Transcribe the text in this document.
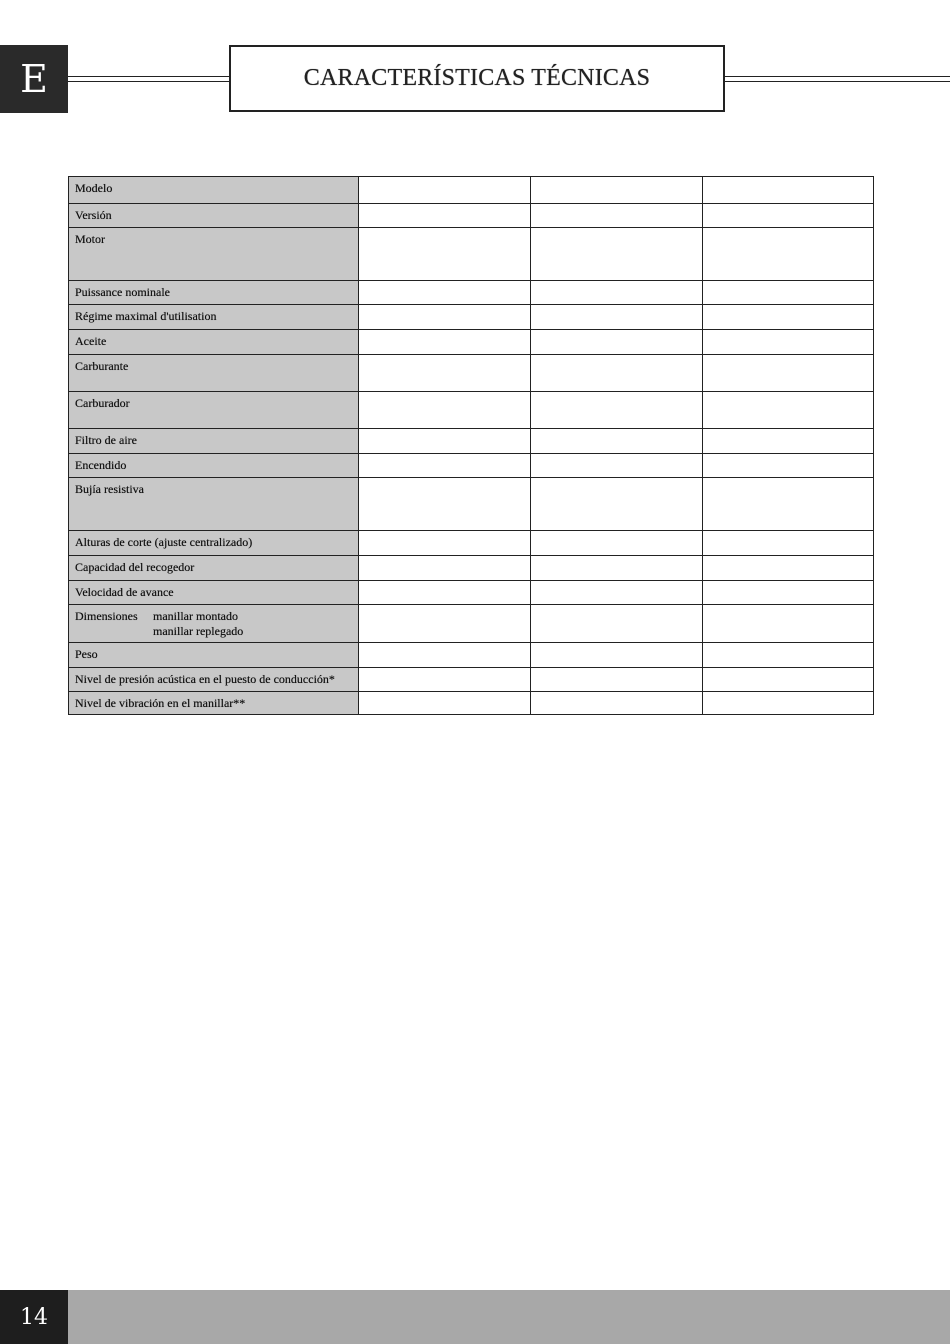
E	CARACTERÍSTICAS TÉCNICAS
Modelo			
Versión			
Motor			
Puissance nominale			
Régime maximal d'utilisation			
Aceite			
Carburante			
Carburador			
Filtro de aire			
Encendido			
Bujía resistiva			
Alturas de corte (ajuste centralizado)			
Capacidad del recogedor			
Velocidad de avance			

Dimensiones manillar montado
manillar replegado			

Peso			
Nivel de presión acústica en el puesto de conducción*			
Nivel de vibración en el manillar**			
14
